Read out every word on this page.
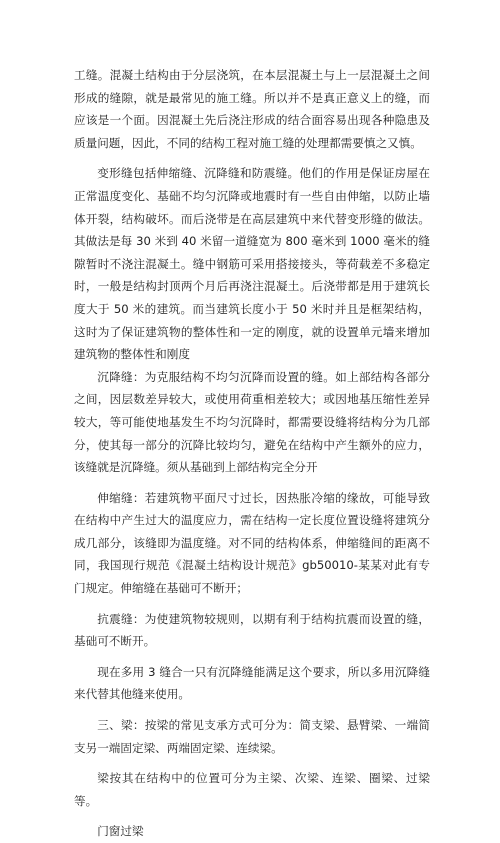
工缝。混凝土结构由于分层浇筑，在本层混凝土与上一层混凝土之间形成的缝隙，就是最常见的施工缝。所以并不是真正意义上的缝，而应该是一个面。因混凝土先后浇注形成的结合面容易出现各种隐患及质量问题，因此，不同的结构工程对施工缝的处理都需要慎之又慎。

变形缝包括伸缩缝、沉降缝和防震缝。他们的作用是保证房屋在正常温度变化、基础不均匀沉降或地震时有一些自由伸缩，以防止墙体开裂，结构破坏。而后浇带是在高层建筑中来代替变形缝的做法。其做法是每 30 米到 40 米留一道缝宽为 800 毫米到 1000 毫米的缝隙暂时不浇注混凝土。缝中钢筋可采用搭接接头，等荷载差不多稳定时，一般是结构封顶两个月后再浇注混凝土。后浇带都是用于建筑长度大于 50 米的建筑。而当建筑长度小于 50 米时并且是框架结构，这时为了保证建筑物的整体性和一定的刚度，就的设置单元墙来增加建筑物的整体性和刚度

沉降缝：为克服结构不均匀沉降而设置的缝。如上部结构各部分之间，因层数差异较大，或使用荷重相差较大；或因地基压缩性差异较大，等可能使地基发生不均匀沉降时，都需要设缝将结构分为几部分，使其每一部分的沉降比较均匀，避免在结构中产生额外的应力，该缝就是沉降缝。须从基础到上部结构完全分开

伸缩缝：若建筑物平面尺寸过长，因热胀冷缩的缘故，可能导致在结构中产生过大的温度应力，需在结构一定长度位置设缝将建筑分成几部分，该缝即为温度缝。对不同的结构体系，伸缩缝间的距离不同，我国现行规范《混凝土结构设计规范》gb50010-某某对此有专门规定。伸缩缝在基础可不断开；

抗震缝：为使建筑物较规则，以期有利于结构抗震而设置的缝，基础可不断开。

现在多用 3 缝合一只有沉降缝能满足这个要求，所以多用沉降缝来代替其他缝来使用。

三、梁：按梁的常见支承方式可分为：简支梁、悬臂梁、一端简支另一端固定梁、两端固定梁、连续梁。

梁按其在结构中的位置可分为主梁、次梁、连梁、圈梁、过梁等。

门窗过梁
